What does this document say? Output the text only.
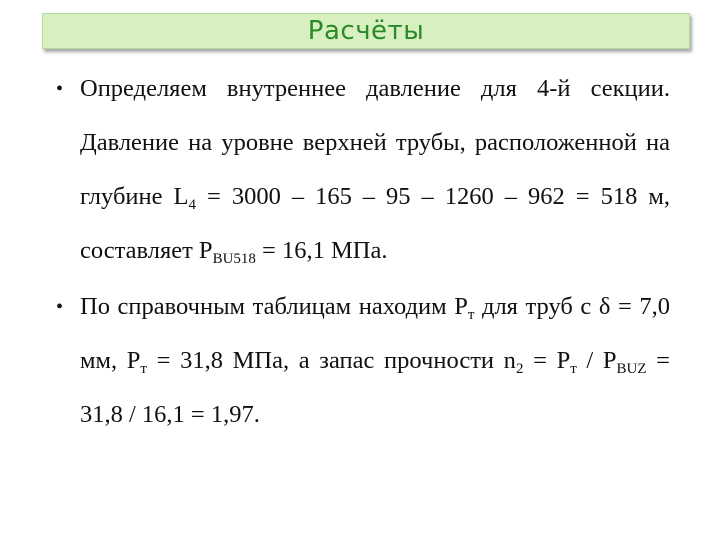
Расчёты
• Определяем внутреннее давление для 4-й секции. Давление на уровне верхней трубы, расположенной на глубине $L_4 = 3000 - 165 - 95 - 1260 - 962 = 518$ м, составляет $Р_{BU518} = 16,1$ МПа.
• По справочным таблицам находим $Р_т$ для труб с δ = 7,0 мм, $Р_т = 31,8$ МПа, а запас прочности $n_2 = Р_т / Р_{BUZ} = 31,8 / 16,1 = 1,97$.
